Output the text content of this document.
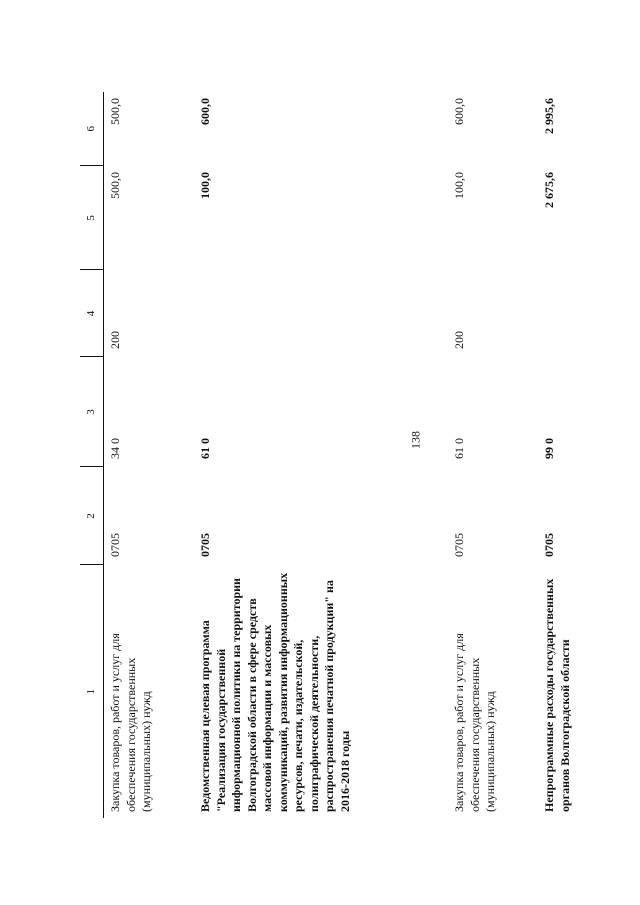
138
1	2	3	4	5	6
Закупка товаров, работ и услуг для обеспечения государственных (муниципальных) нужд	0705	34 0	200	500,0	500,0
Ведомственная целевая программа "Реализация государственной информационной политики на территории Волгоградской области в сфере средств массовой информации и массовых коммуникаций, развития информационных ресурсов, печати, издательской, полиграфической деятельности, распространения печатной продукции" на 2016-2018 годы	0705	61 0		100,0	600,0
Закупка товаров, работ и услуг для обеспечения государственных (муниципальных) нужд	0705	61 0	200	100,0	600,0
Непрограммные расходы государственных органов Волгоградской области	0705	99 0		2 675,6	2 995,6
